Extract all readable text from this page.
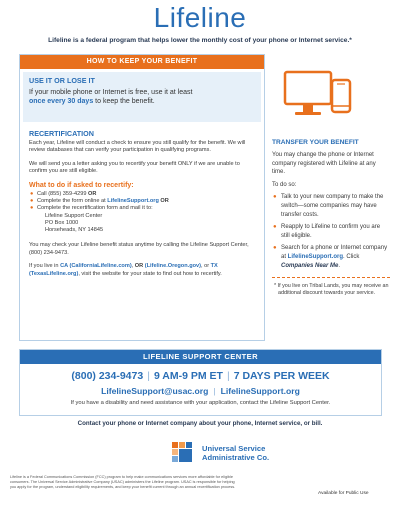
Lifeline
Lifeline is a federal program that helps lower the monthly cost of your phone or Internet service.*
HOW TO KEEP YOUR BENEFIT
USE IT OR LOSE IT
If your mobile phone or Internet is free, use it at least
once every 30 days to keep the benefit.
RECERTIFICATION
Each year, Lifeline will conduct a check to ensure you still qualify for the benefit. We will review databases that can verify your participation in qualifying programs.
We will send you a letter asking you to recertify your benefit ONLY if we are unable to confirm you are still eligible.
What to do if asked to recertify:
● Call (855) 359-4299 OR
● Complete the form online at LifelineSupport.org OR
● Complete the recertification form and mail it to:
Lifeline Support Center
PO Box 1000
Horseheads, NY 14845
You may check your Lifeline benefit status anytime by calling the Lifeline Support Center, (800) 234-9473.
If you live in CA (CaliforniaLifeline.com), OR (Lifeline.Oregon.gov), or TX (TexasLifeline.org), visit the website for your state to find out how to recertify.
TRANSFER YOUR BENEFIT
You may change the phone or Internet company registered with Lifeline at any time.
To do so:
● Talk to your new company to make the switch—some companies may have transfer costs.
● Reapply to Lifeline to confirm you are still eligible.
● Search for a phone or Internet company at LifelineSupport.org. Click Companies Near Me.
* If you live on Tribal Lands, you may receive an additional discount towards your service.
LIFELINE SUPPORT CENTER
(800) 234-9473 | 9 AM-9 PM ET | 7 DAYS PER WEEK
LifelineSupport@usac.org | LifelineSupport.org
If you have a disability and need assistance with your application, contact the Lifeline Support Center.
Contact your phone or Internet company about your phone, Internet service, or bill.
Universal Service
Administrative Co.
Lifeline is a Federal Communications Commission (FCC) program to help make communications services more affordable for eligible consumers. The Universal Service Administrative Company (USAC) administers the Lifeline program. USAC is responsible for helping you apply for the program, understand eligibility requirements, and keep your benefit current through an annual recertification process.
Available for Public Use
